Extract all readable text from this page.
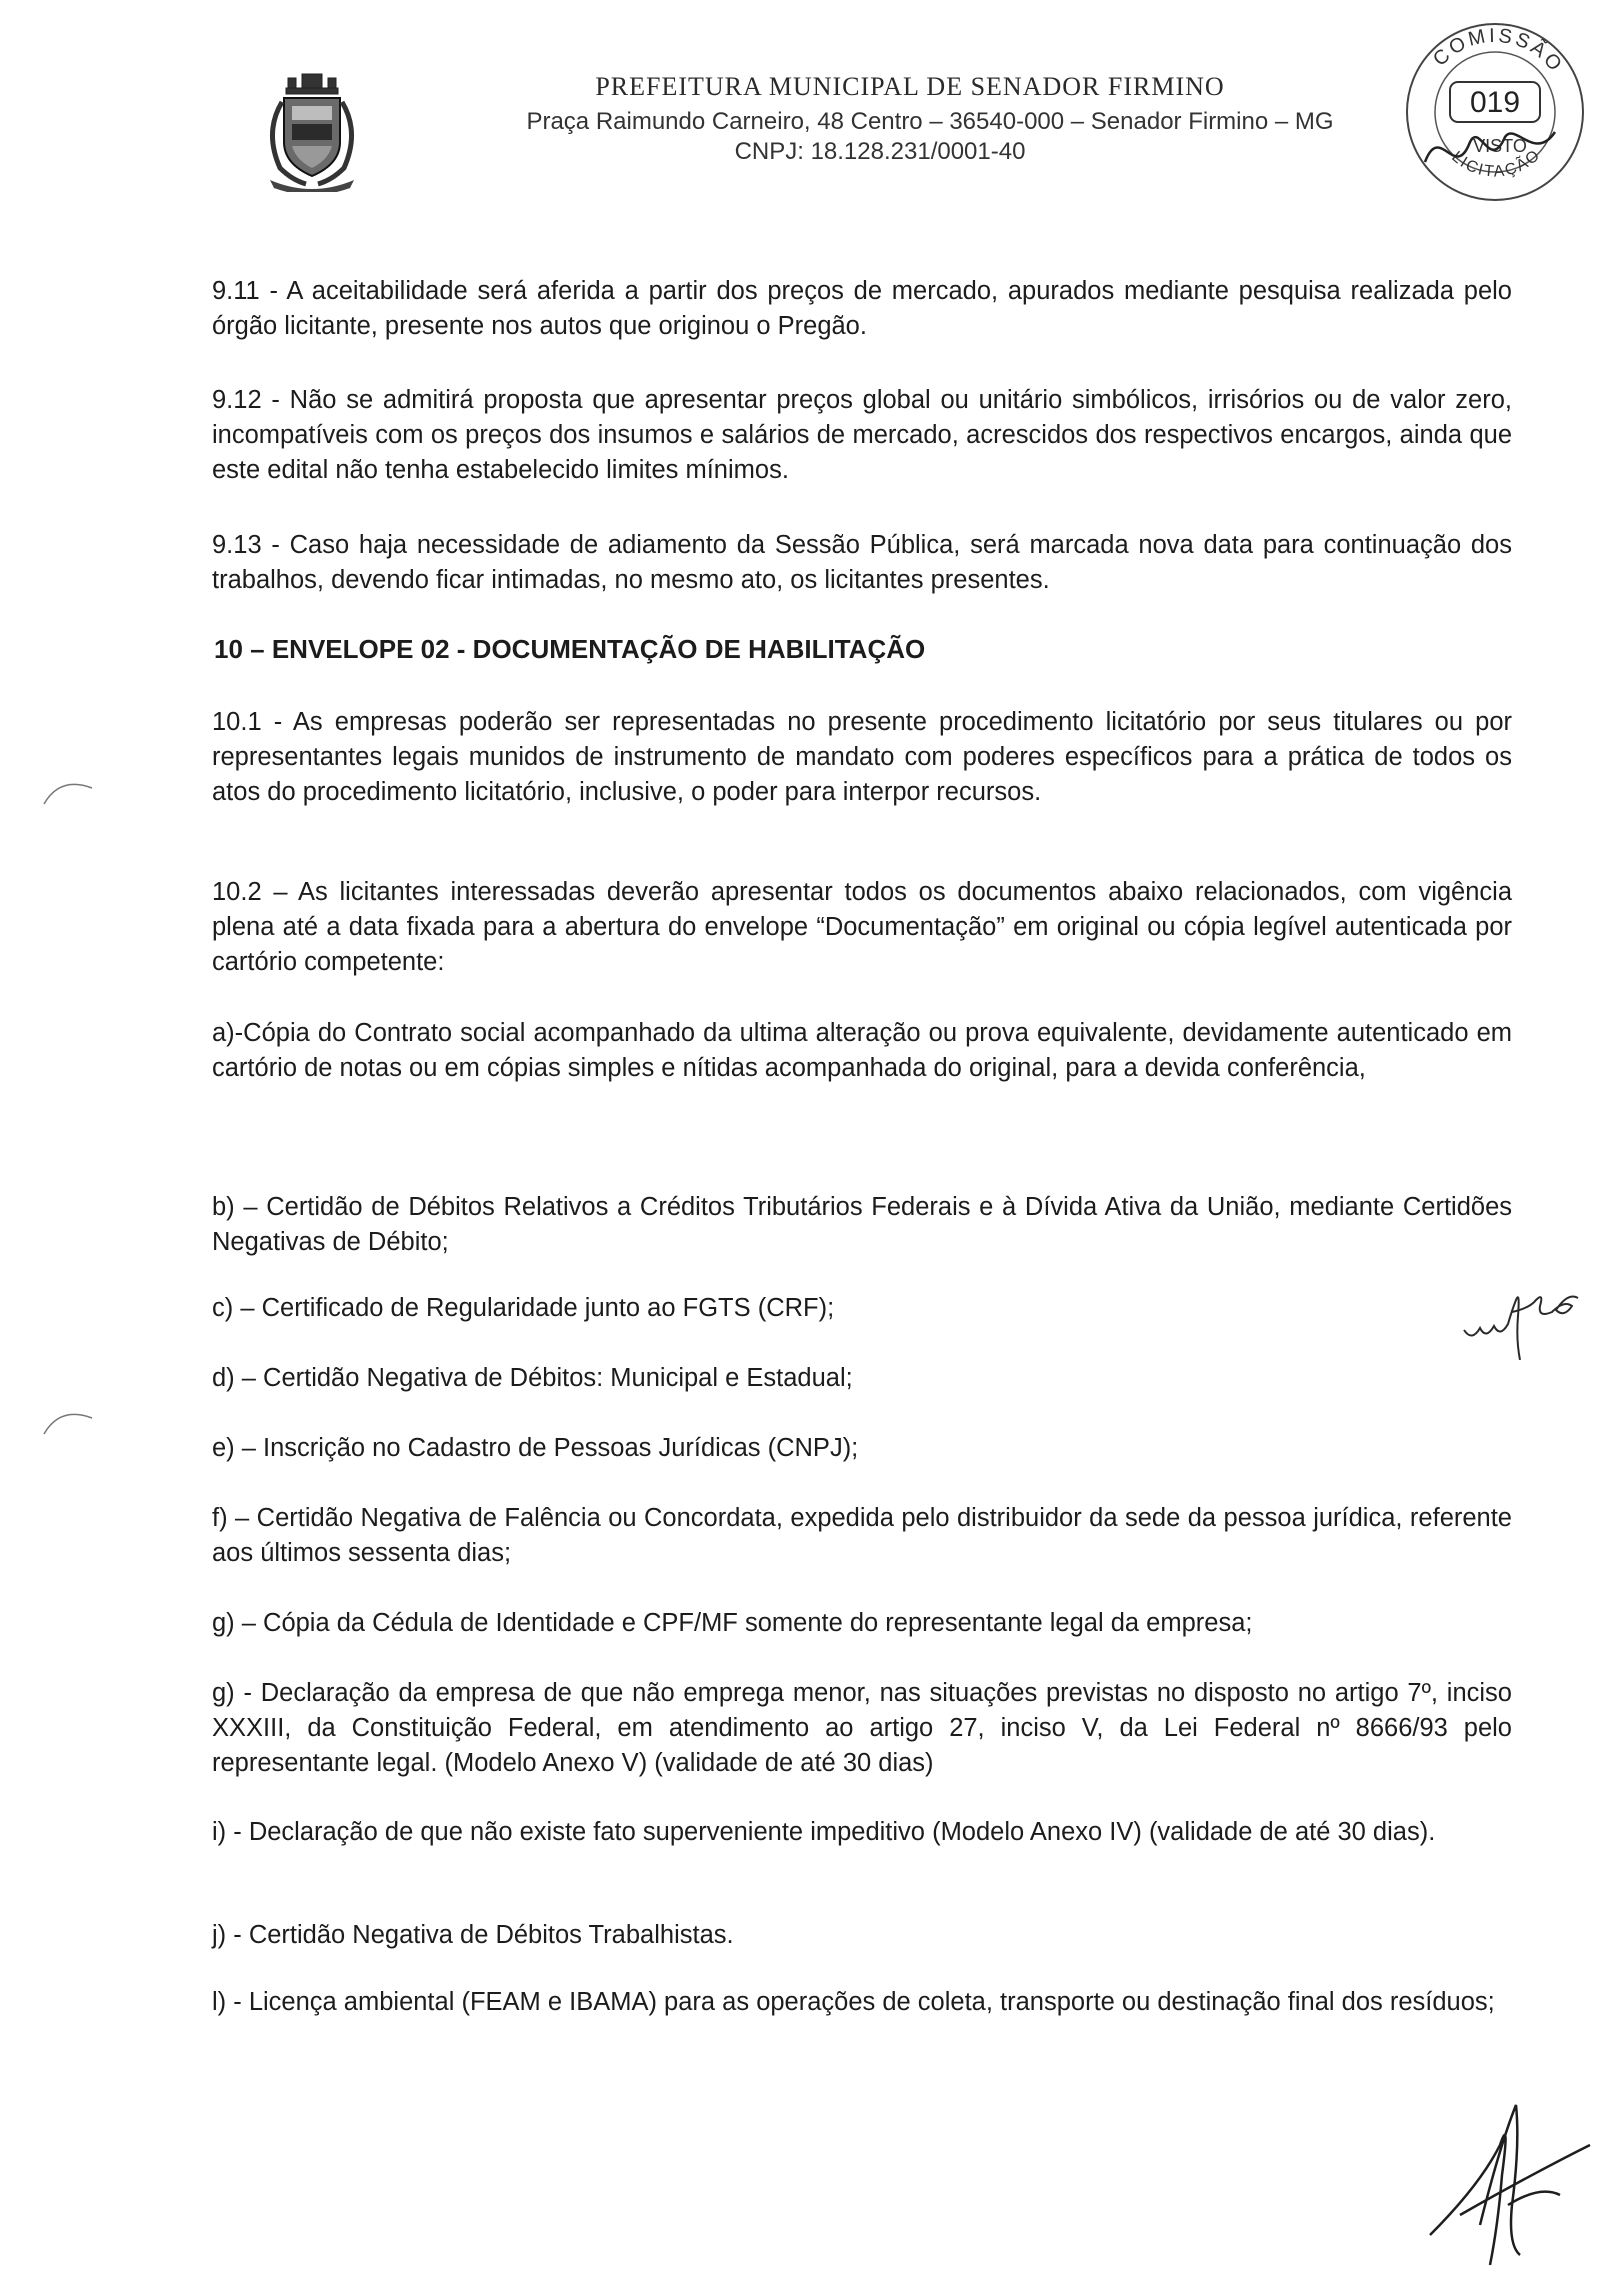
PREFEITURA MUNICIPAL DE SENADOR FIRMINO
Praça Raimundo Carneiro, 48 Centro – 36540-000 – Senador Firmino – MG
CNPJ: 18.128.231/0001-40
COMISSÃO
LICITAÇÃO
019
VISTO
9.11 - A aceitabilidade será aferida a partir dos preços de mercado, apurados mediante pesquisa realizada pelo órgão licitante, presente nos autos que originou o Pregão.
9.12 - Não se admitirá proposta que apresentar preços global ou unitário simbólicos, irrisórios ou de valor zero, incompatíveis com os preços dos insumos e salários de mercado, acrescidos dos respectivos encargos, ainda que este edital não tenha estabelecido limites mínimos.
9.13 - Caso haja necessidade de adiamento da Sessão Pública, será marcada nova data para continuação dos trabalhos, devendo ficar intimadas, no mesmo ato, os licitantes presentes.
10 – ENVELOPE 02 - DOCUMENTAÇÃO DE HABILITAÇÃO
10.1 - As empresas poderão ser representadas no presente procedimento licitatório por seus titulares ou por representantes legais munidos de instrumento de mandato com poderes específicos para a prática de todos os atos do procedimento licitatório, inclusive, o poder para interpor recursos.
10.2 – As licitantes interessadas deverão apresentar todos os documentos abaixo relacionados, com vigência plena até a data fixada para a abertura do envelope “Documentação” em original ou cópia legível autenticada por cartório competente:
a)-Cópia do Contrato social acompanhado da ultima alteração ou prova equivalente, devidamente autenticado em cartório de notas ou em cópias simples e nítidas acompanhada do original, para a devida conferência,
b) – Certidão de Débitos Relativos a Créditos Tributários Federais e à Dívida Ativa da União, mediante Certidões Negativas de Débito;
c) – Certificado de Regularidade junto ao FGTS (CRF);
d) – Certidão Negativa de Débitos: Municipal e Estadual;
e) – Inscrição no Cadastro de Pessoas Jurídicas (CNPJ);
f) – Certidão Negativa de Falência ou Concordata, expedida pelo distribuidor da sede da pessoa jurídica, referente aos últimos sessenta dias;
g) – Cópia da Cédula de Identidade e CPF/MF somente do representante legal da empresa;
g) - Declaração da empresa de que não emprega menor, nas situações previstas no disposto no artigo 7º, inciso XXXIII, da Constituição Federal, em atendimento ao artigo 27, inciso V, da Lei Federal nº 8666/93 pelo representante legal. (Modelo Anexo V) (validade de até 30 dias)
i) - Declaração de que não existe fato superveniente impeditivo (Modelo Anexo IV) (validade de até 30 dias).
j) - Certidão Negativa de Débitos Trabalhistas.
l) - Licença ambiental (FEAM e IBAMA) para as operações de coleta, transporte ou destinação final dos resíduos;
